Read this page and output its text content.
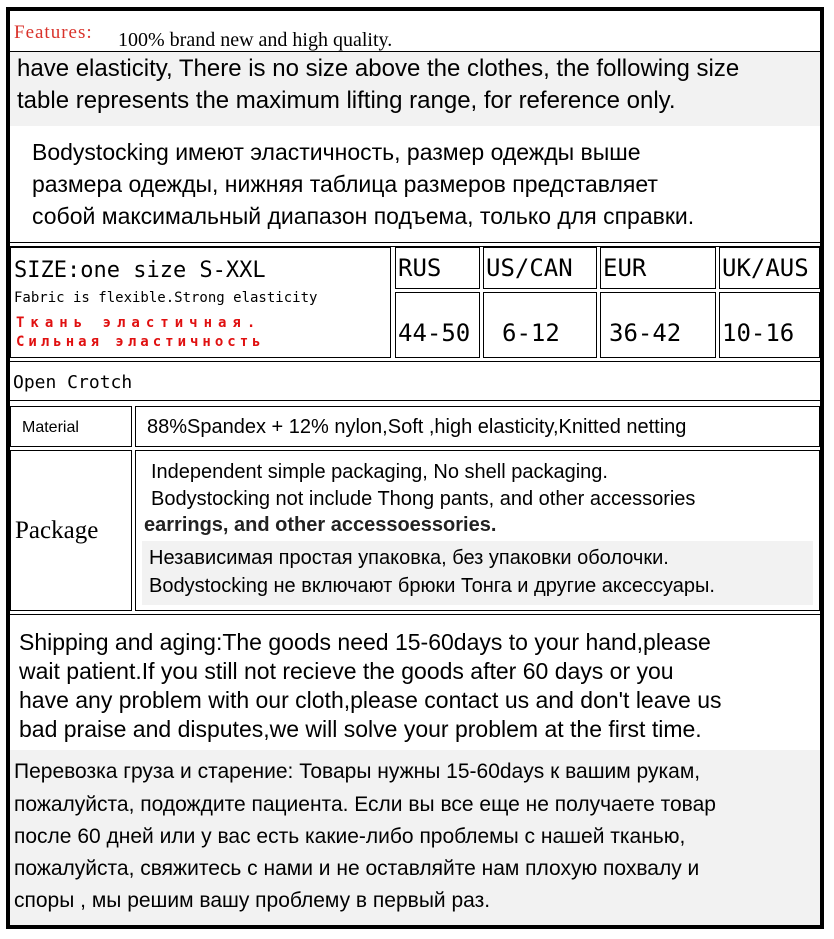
Features: 100% brand new and high quality.
have elasticity, There is no size above the clothes, the following size
table represents the maximum lifting range, for reference only.
Bodystocking имеют эластичность, размер одежды выше
размера одежды, нижняя таблица размеров представляет
собой максимальный диапазон подъема, только для справки.
SIZE:one size S-XXL
Fabric is flexible.Strong elasticity
Ткань эластичная.
Сильная эластичность
RUS US/CAN EUR	UK/AUS
44-50 6-12 36-42 10-16
Open Crotch
Material	88%Spandex + 12% nylon,Soft ,high elasticity,Knitted netting
Package
Independent simple packaging, No shell packaging.
Bodystocking not include Thong pants, and other accessories
earrings, and other accessoessories.
Независимая простая упаковка, без упаковки оболочки.
Bodystocking не включают брюки Тонга и другие аксессуары.
Shipping and aging:The goods need 15-60days to your hand,please
wait patient.If you still not recieve the goods after 60 days or you
have any problem with our cloth,please contact us and don't leave us
bad praise and disputes,we will solve your problem at the first time.
Перевозка груза и старение: Товары нужны 15-60days к вашим рукам,
пожалуйста, подождите пациента. Если вы все еще не получаете товар
после 60 дней или у вас есть какие-либо проблемы с нашей тканью,
пожалуйста, свяжитесь с нами и не оставляйте нам плохую похвалу и
споры , мы решим вашу проблему в первый раз.
